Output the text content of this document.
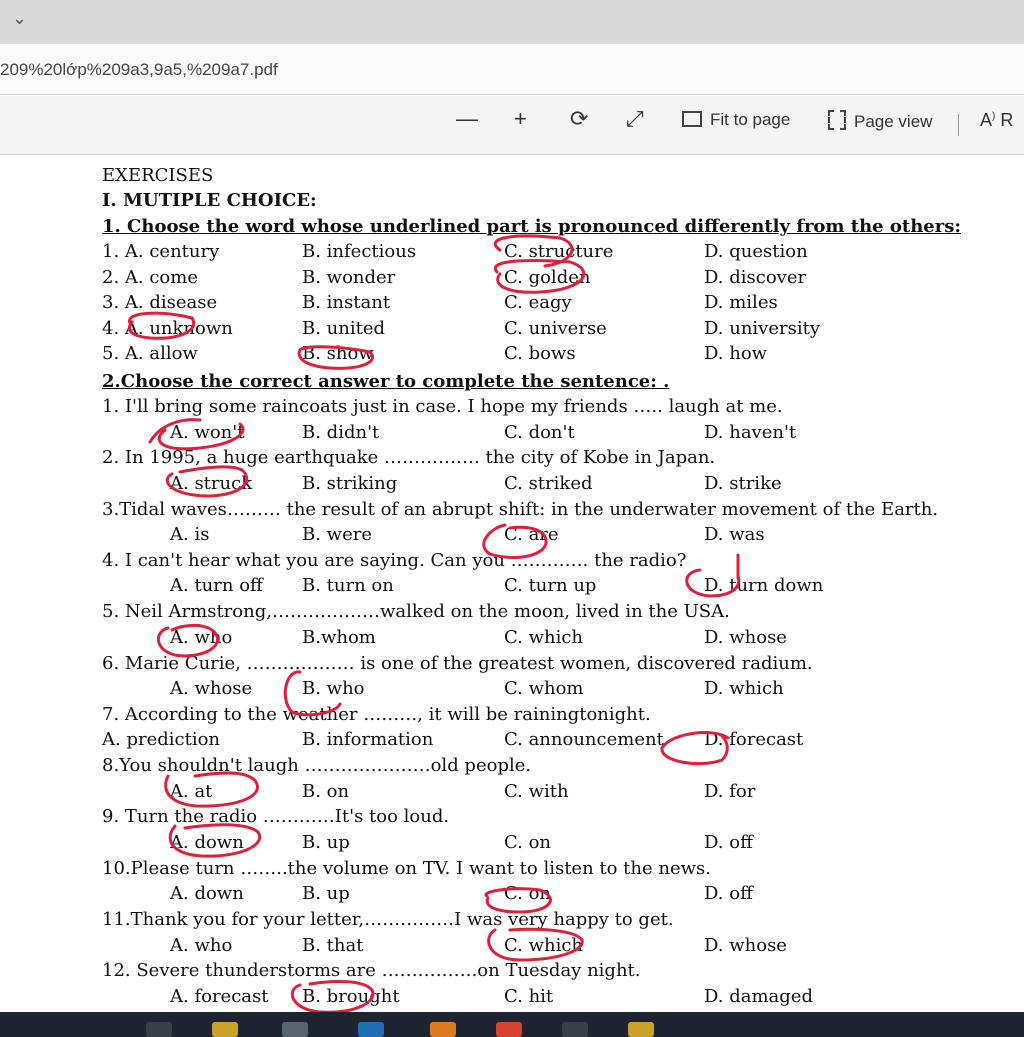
⌄
209%20lớp%209a3,9a5,%209a7.pdf
— + ⟳ ⤢	Fit to page	Page view	A) R
EXERCISES
I. MUTIPLE CHOICE:
1. Choose the word whose underlined part is pronounced differently from the others:
1. A. century	B. infectious	C. structure	D. question
2. A. come	B. wonder	C. golden	D. discover
3. A. disease	B. instant	C. eagy	D. miles
4. A. unknown	B. united	C. universe	D. university
5. A. allow	B. show	C. bows	D. how
2.Choose the correct answer to complete the sentence: .
1. I'll bring some raincoats just in case. I hope my friends ….. laugh at me.
A. won't	B. didn't	C. don't	D. haven't
2. In 1995, a huge earthquake ……………. the city of Kobe in Japan.
A. struck	B. striking	C. striked	D. strike
3.Tidal waves……… the result of an abrupt shift: in the underwater movement of the Earth.
A. is	B. were	C. are	D. was
4. I can't hear what you are saying. Can you …………. the radio?
A. turn off B. turn on	C. turn up	D. turn down
5. Neil Armstrong,………………walked on the moon, lived in the USA.
A. who	B.whom	C. which	D. whose
6. Marie Curie, ……………… is one of the greatest women, discovered radium.
A. whose	B. who	C. whom	D. which
7. According to the weather ………, it will be rainingtonight.
A. prediction	B. information	C. announcement D. forecast
8.You shouldn't laugh …………………old people.
A. at	B. on	C. with	D. for
9. Turn the radio …………It's too loud.
A. down	B. up	C. on	D. off
10.Please turn ……..the volume on TV. I want to listen to the news.
A. down	B. up	C. on	D. off
11.Thank you for your letter,……………I was very happy to get.
A. who	B. that	C. which	D. whose
12. Severe thunderstorms are …………….on Tuesday night.
A. forecast B. brought	C. hit	D. damaged
